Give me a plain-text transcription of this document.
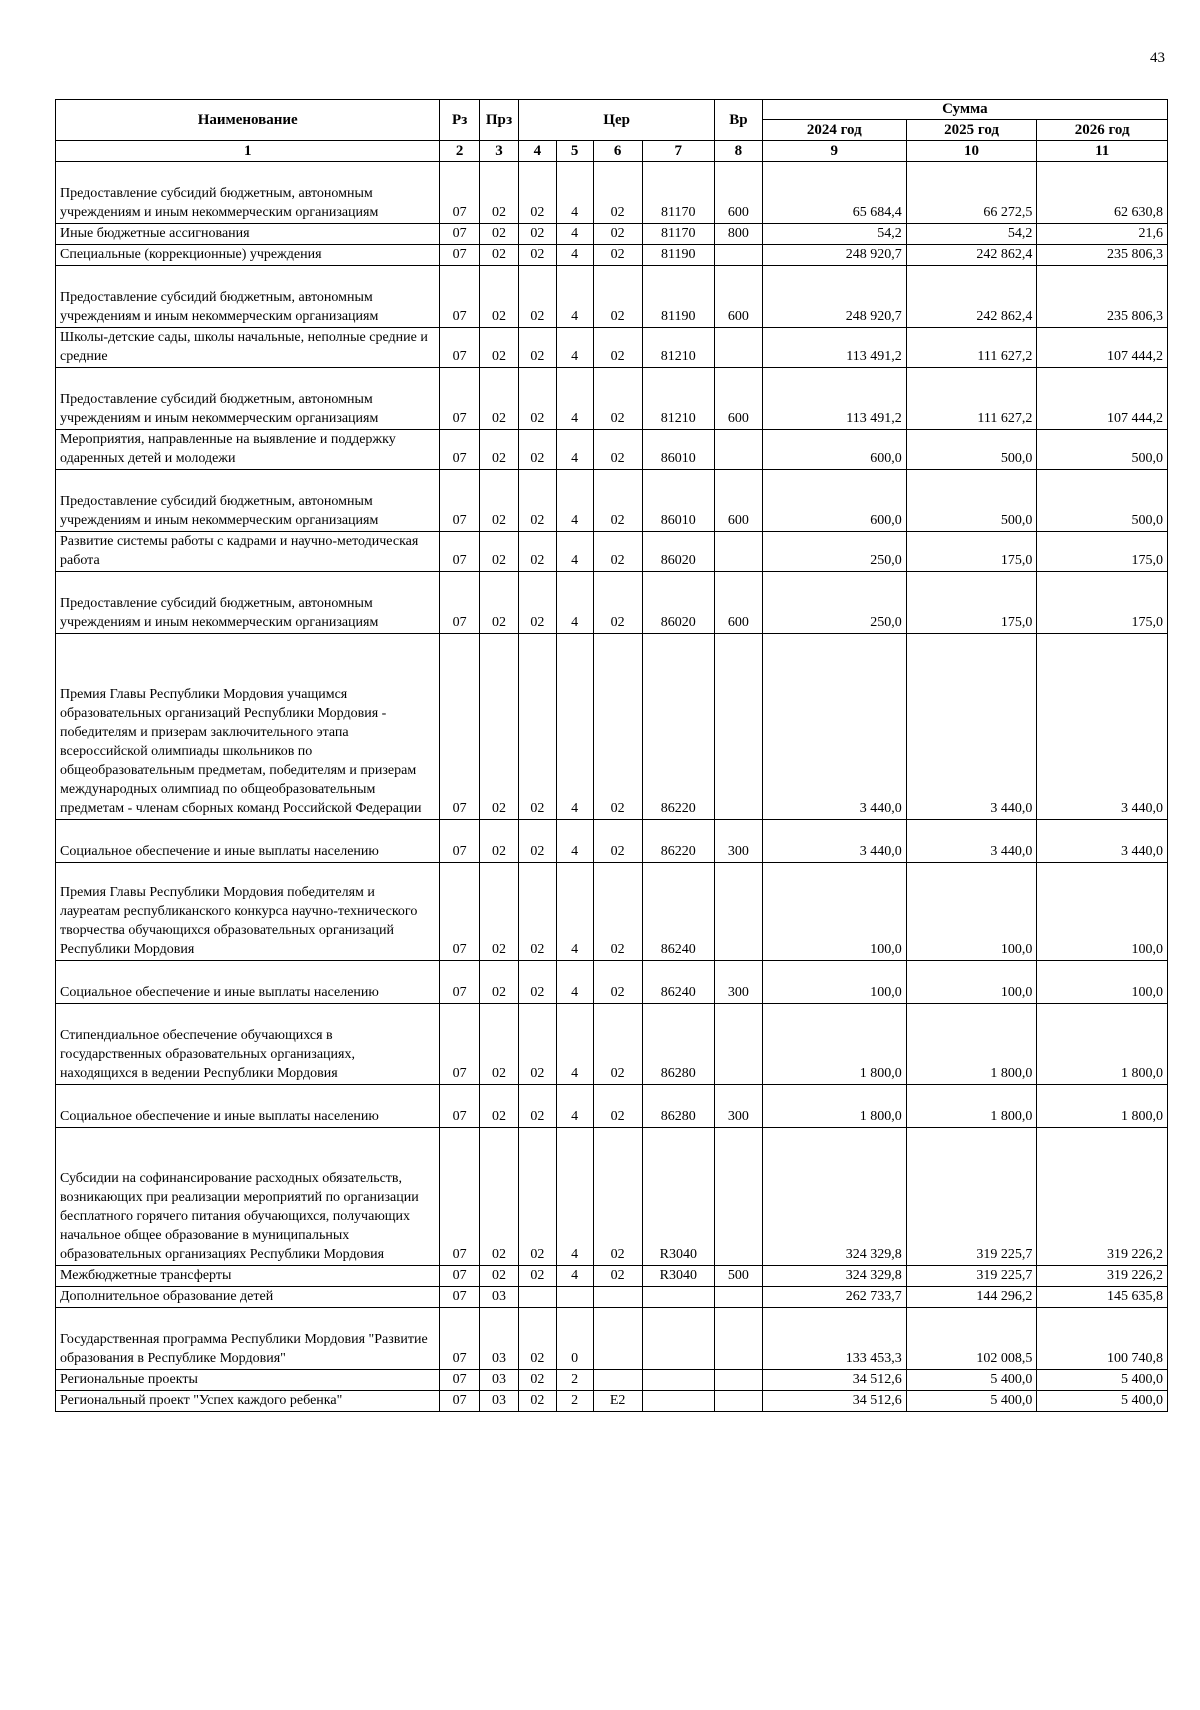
43
Наименование	Рз	Прз	Цер				Вр	Сумма		
								2024 год	2025 год	2026 год
1	2	3	4	5	6	7	8	9	10	11
Предоставление субсидий бюджетным, автономным учреждениям и иным некоммерческим организациям	07	02	02	4	02	81170	600	65 684,4	66 272,5	62 630,8
Иные бюджетные ассигнования	07	02	02	4	02	81170	800	54,2	54,2	21,6
Специальные (коррекционные) учреждения	07	02	02	4	02	81190		248 920,7	242 862,4	235 806,3
Предоставление субсидий бюджетным, автономным учреждениям и иным некоммерческим организациям	07	02	02	4	02	81190	600	248 920,7	242 862,4	235 806,3
Школы-детские сады, школы начальные, неполные средние и средние	07	02	02	4	02	81210		113 491,2	111 627,2	107 444,2
Предоставление субсидий бюджетным, автономным учреждениям и иным некоммерческим организациям	07	02	02	4	02	81210	600	113 491,2	111 627,2	107 444,2
Мероприятия, направленные на выявление и поддержку одаренных детей и молодежи	07	02	02	4	02	86010		600,0	500,0	500,0
Предоставление субсидий бюджетным, автономным учреждениям и иным некоммерческим организациям	07	02	02	4	02	86010	600	600,0	500,0	500,0
Развитие системы работы с кадрами и научно-методическая работа	07	02	02	4	02	86020		250,0	175,0	175,0
Предоставление субсидий бюджетным, автономным учреждениям и иным некоммерческим организациям	07	02	02	4	02	86020	600	250,0	175,0	175,0
Премия Главы Республики Мордовия учащимся образовательных организаций Республики Мордовия - победителям и призерам заключительного этапа всероссийской олимпиады школьников по общеобразовательным предметам, победителям и призерам международных олимпиад по общеобразовательным предметам - членам сборных команд Российской Федерации	07	02	02	4	02	86220		3 440,0	3 440,0	3 440,0
Социальное обеспечение и иные выплаты населению	07	02	02	4	02	86220	300	3 440,0	3 440,0	3 440,0
Премия Главы Республики Мордовия победителям и лауреатам республиканского конкурса научно-технического творчества обучающихся образовательных организаций Республики Мордовия	07	02	02	4	02	86240		100,0	100,0	100,0
Социальное обеспечение и иные выплаты населению	07	02	02	4	02	86240	300	100,0	100,0	100,0
Стипендиальное обеспечение обучающихся в государственных образовательных организациях, находящихся в ведении Республики Мордовия	07	02	02	4	02	86280		1 800,0	1 800,0	1 800,0
Социальное обеспечение и иные выплаты населению	07	02	02	4	02	86280	300	1 800,0	1 800,0	1 800,0
Субсидии на софинансирование расходных обязательств, возникающих при реализации мероприятий по организации бесплатного горячего питания обучающихся, получающих начальное общее образование в муниципальных образовательных организациях Республики Мордовия	07	02	02	4	02	R3040		324 329,8	319 225,7	319 226,2
Межбюджетные трансферты	07	02	02	4	02	R3040	500	324 329,8	319 225,7	319 226,2
Дополнительное образование детей	07	03						262 733,7	144 296,2	145 635,8
Государственная программа Республики Мордовия "Развитие образования в Республике Мордовия"	07	03	02	0				133 453,3	102 008,5	100 740,8
Региональные проекты	07	03	02	2				34 512,6	5 400,0	5 400,0
Региональный проект "Успех каждого ребенка"	07	03	02	2	E2			34 512,6	5 400,0	5 400,0
